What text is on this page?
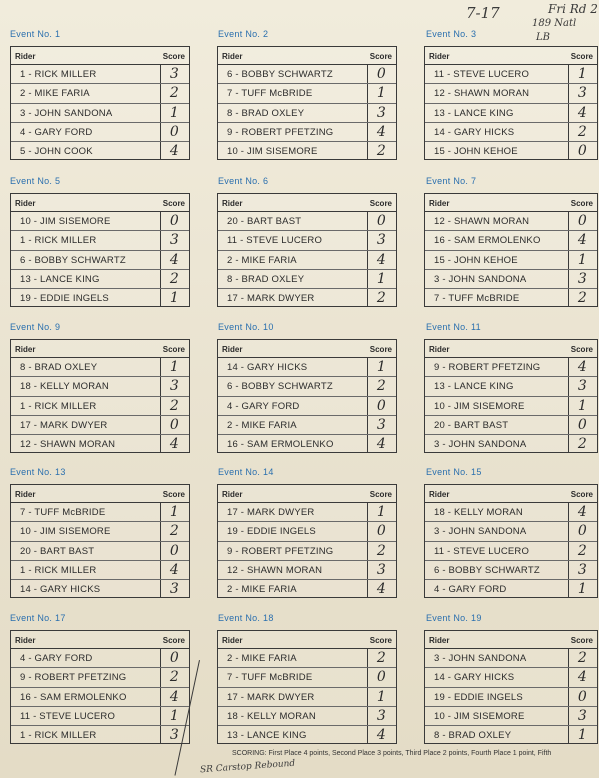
7-17	Fri Rd 2
189 Natl
LB
Event No. 1
Rider	Score
1 - RICK MILLER	3
2 - MIKE FARIA	2
3 - JOHN SANDONA	1
4 - GARY FORD	0
5 - JOHN COOK	4
Event No. 2
Rider	Score
6 - BOBBY SCHWARTZ	0
7 - TUFF McBRIDE	1
8 - BRAD OXLEY	3
9 - ROBERT PFETZING	4
10 - JIM SISEMORE	2
Event No. 3
Rider	Score
11 - STEVE LUCERO	1
12 - SHAWN MORAN	3
13 - LANCE KING	4
14 - GARY HICKS	2
15 - JOHN KEHOE	0
Event No. 5
Rider	Score
10 - JIM SISEMORE	0
1 - RICK MILLER	3
6 - BOBBY SCHWARTZ	4
13 - LANCE KING	2
19 - EDDIE INGELS	1
Event No. 6
Rider	Score
20 - BART BAST	0
11 - STEVE LUCERO	3
2 - MIKE FARIA	4
8 - BRAD OXLEY	1
17 - MARK DWYER	2
Event No. 7
Rider	Score
12 - SHAWN MORAN	0
16 - SAM ERMOLENKO	4
15 - JOHN KEHOE	1
3 - JOHN SANDONA	3
7 - TUFF McBRIDE	2
Event No. 9
Rider	Score
8 - BRAD OXLEY	1
18 - KELLY MORAN	3
1 - RICK MILLER	2
17 - MARK DWYER	0
12 - SHAWN MORAN	4
Event No. 10
Rider	Score
14 - GARY HICKS	1
6 - BOBBY SCHWARTZ	2
4 - GARY FORD	0
2 - MIKE FARIA	3
16 - SAM ERMOLENKO	4
Event No. 11
Rider	Score
9 - ROBERT PFETZING	4
13 - LANCE KING	3
10 - JIM SISEMORE	1
20 - BART BAST	0
3 - JOHN SANDONA	2
Event No. 13
Rider	Score
7 - TUFF McBRIDE	1
10 - JIM SISEMORE	2
20 - BART BAST	0
1 - RICK MILLER	4
14 - GARY HICKS	3
Event No. 14
Rider	Score
17 - MARK DWYER	1
19 - EDDIE INGELS	0
9 - ROBERT PFETZING	2
12 - SHAWN MORAN	3
2 - MIKE FARIA	4
Event No. 15
Rider	Score
18 - KELLY MORAN	4
3 - JOHN SANDONA	0
11 - STEVE LUCERO	2
6 - BOBBY SCHWARTZ	3
4 - GARY FORD	1
Event No. 17
Rider	Score
4 - GARY FORD	0
9 - ROBERT PFETZING	2
16 - SAM ERMOLENKO	4
11 - STEVE LUCERO	1
1 - RICK MILLER	3
Event No. 18
Rider	Score
2 - MIKE FARIA	2
7 - TUFF McBRIDE	0
17 - MARK DWYER	1
18 - KELLY MORAN	3
13 - LANCE KING	4
Event No. 19
Rider	Score
3 - JOHN SANDONA	2
14 - GARY HICKS	4
19 - EDDIE INGELS	0
10 - JIM SISEMORE	3
8 - BRAD OXLEY	1
SR Carstop Rebound
SCORING: First Place 4 points, Second Place 3 points, Third Place 2 points, Fourth Place 1 point, Fifth
